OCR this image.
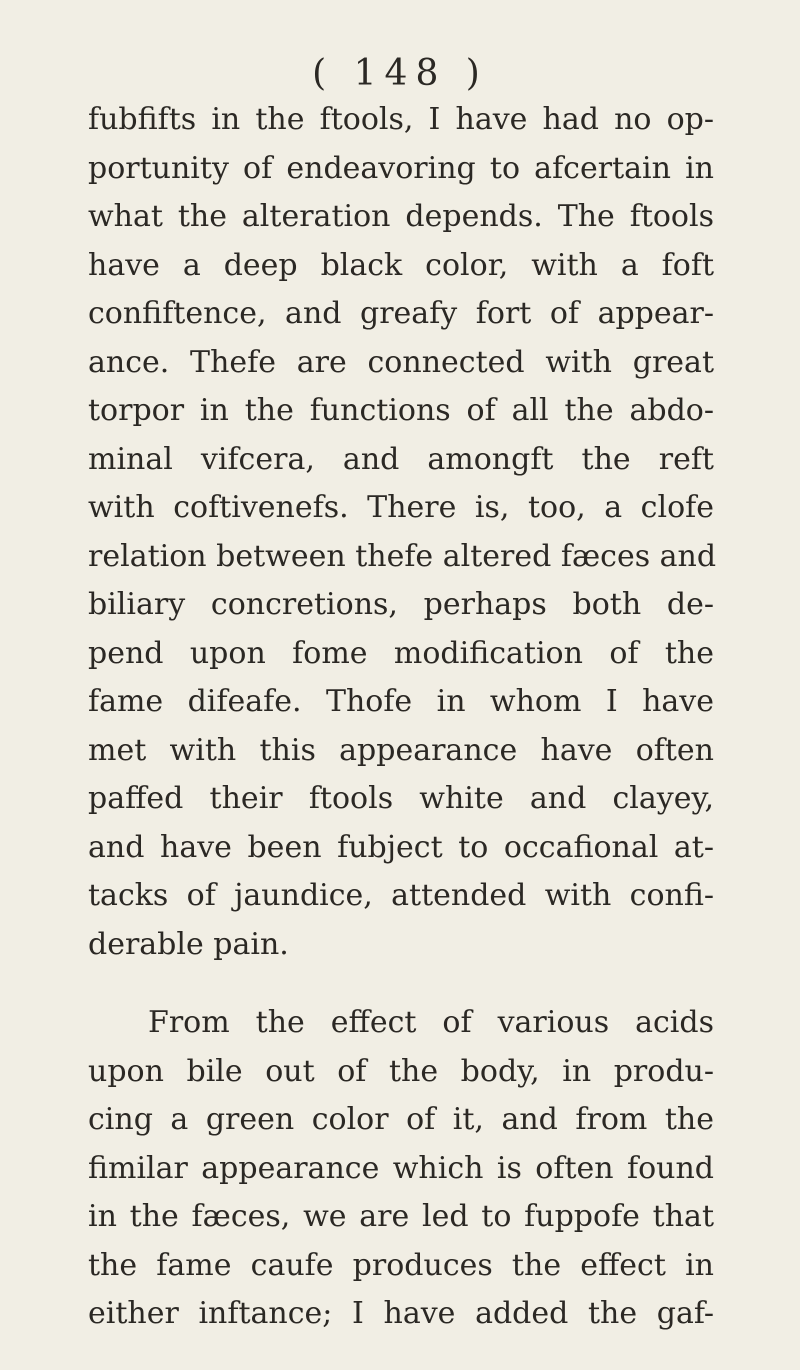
( 148 )
fubfifts in the ftools, I have had no op-
portunity of endeavoring to afcertain in
what the alteration depends. The ftools
have a deep black color, with a foft
confiftence, and greafy fort of appear-
ance. Thefe are connected with great
torpor in the functions of all the abdo-
minal vifcera, and amongft the reft
with coftivenefs. There is, too, a clofe
relation between thefe altered fæces and
biliary concretions, perhaps both de-
pend upon fome modification of the
fame difeafe. Thofe in whom I have
met with this appearance have often
paffed their ftools white and clayey,
and have been fubject to occafional at-
tacks of jaundice, attended with confi-
derable pain.
From the effect of various acids
upon bile out of the body, in produ-
cing a green color of it, and from the
fimilar appearance which is often found
in the fæces, we are led to fuppofe that
the fame caufe produces the effect in
either inftance; I have added the gaf-
